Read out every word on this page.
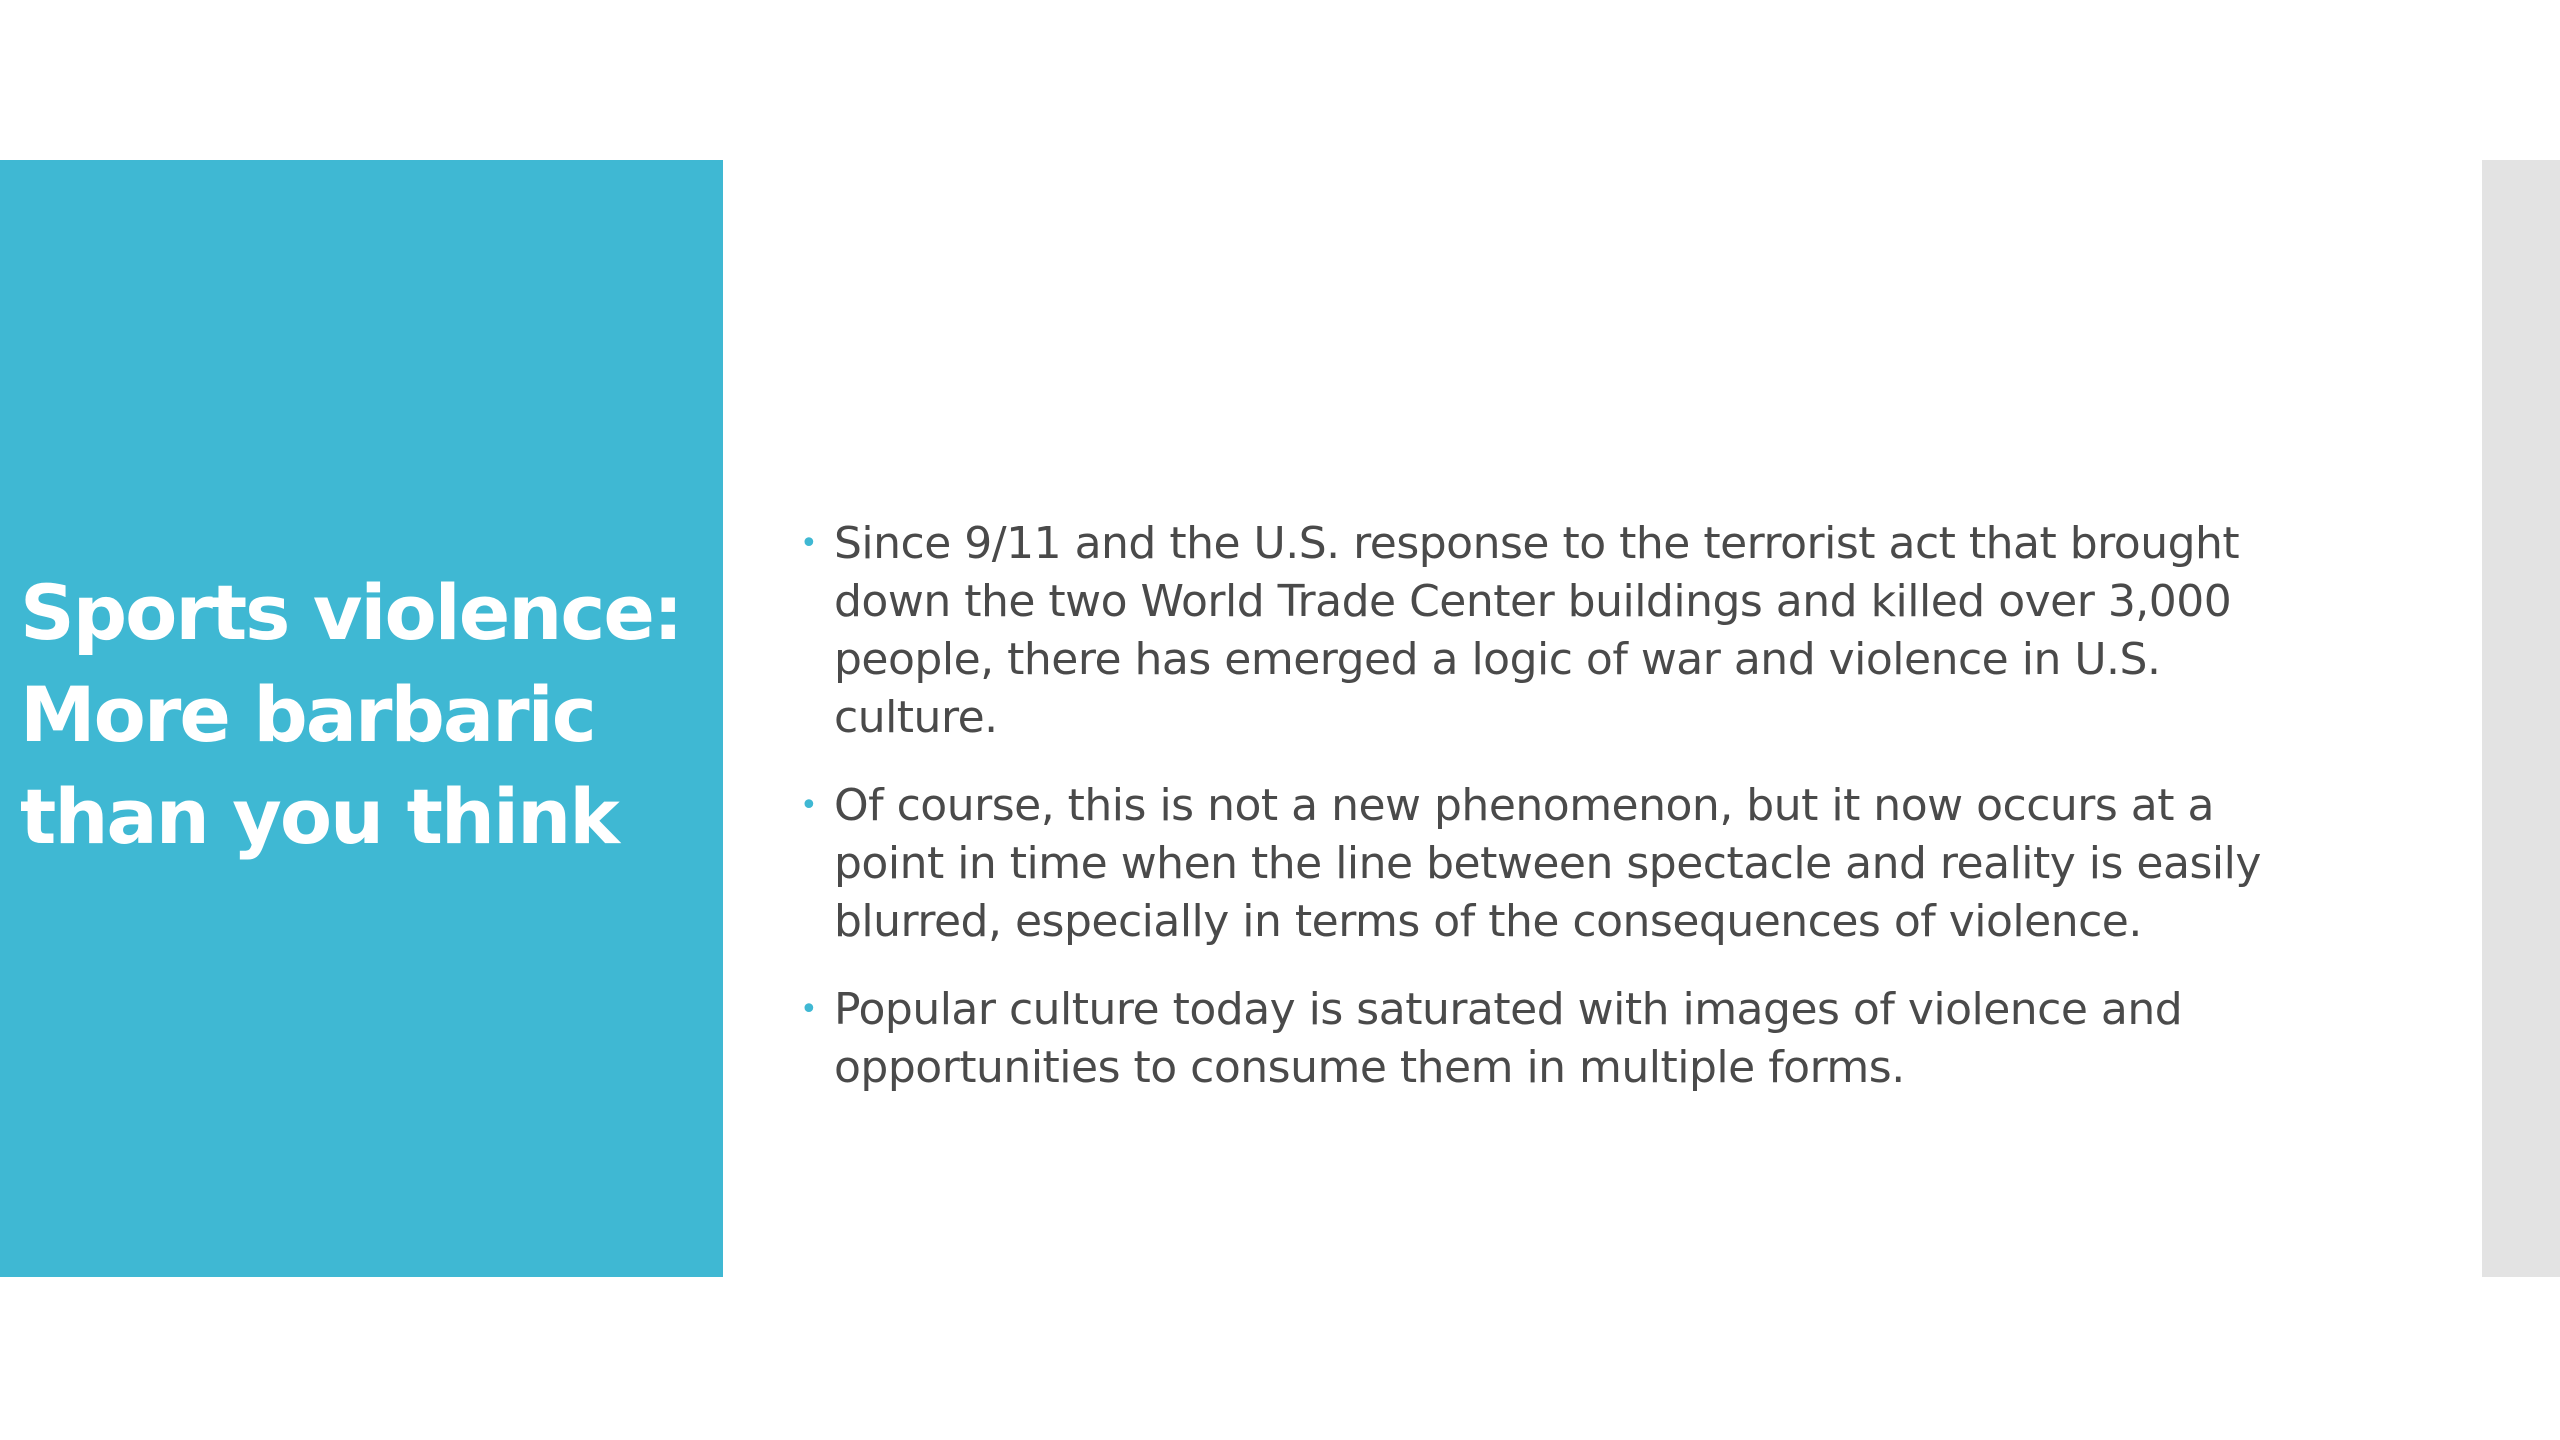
Sports violence:
More barbaric
than you think
• Since 9/11 and the U.S. response to the terrorist act that brought down the two World Trade Center buildings and killed over 3,000 people, there has emerged a logic of war and violence in U.S. culture.
• Of course, this is not a new phenomenon, but it now occurs at a point in time when the line between spectacle and reality is easily blurred, especially in terms of the consequences of violence.
• Popular culture today is saturated with images of violence and opportunities to consume them in multiple forms.
